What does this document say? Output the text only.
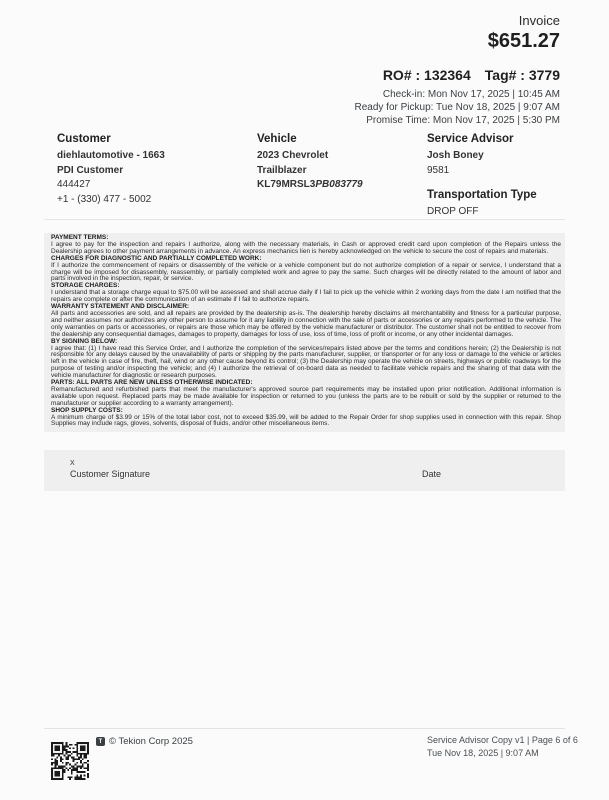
Invoice
$651.27
RO# : 132364 Tag# : 3779
Check-in: Mon Nov 17, 2025 | 10:45 AM
Ready for Pickup: Tue Nov 18, 2025 | 9:07 AM
Promise Time: Mon Nov 17, 2025 | 5:30 PM
Customer
diehlautomotive - 1663
PDI Customer
444427
+1 - (330) 477 - 5002
Vehicle
2023 Chevrolet
Trailblazer
KL79MRSL3PB083779
Service Advisor
Josh Boney
9581
Transportation Type
DROP OFF
PAYMENT TERMS:
I agree to pay for the inspection and repairs I authorize, along with the necessary materials, in Cash or approved credit card upon completion of the Repairs unless the Dealership agrees to other payment arrangements in advance. An express mechanics lien is hereby acknowledged on the vehicle to secure the cost of repairs and materials.
CHARGES FOR DIAGNOSTIC AND PARTIALLY COMPLETED WORK:
If I authorize the commencement of repairs or disassembly of the vehicle or a vehicle component but do not authorize completion of a repair or service, I understand that a charge will be imposed for disassembly, reassembly, or partially completed work and agree to pay the same. Such charges will be directly related to the amount of labor and parts involved in the inspection, repair, or service.
STORAGE CHARGES:
I understand that a storage charge equal to $75.00 will be assessed and shall accrue daily if I fail to pick up the vehicle within 2 working days from the date I am notified that the repairs are complete or after the communication of an estimate if I fail to authorize repairs.
WARRANTY STATEMENT AND DISCLAIMER:
All parts and accessories are sold, and all repairs are provided by the dealership as-is. The dealership hereby disclaims all merchantability and fitness for a particular purpose, and neither assumes nor authorizes any other person to assume for it any liability in connection with the sale of parts or accessories or any repairs performed to the vehicle. The only warranties on parts or accessories, or repairs are those which may be offered by the vehicle manufacturer or distributor. The customer shall not be entitled to recover from the dealership any consequential damages, damages to property, damages for loss of use, loss of time, loss of profit or income, or any other incidental damages.
BY SIGNING BELOW:
I agree that: (1) I have read this Service Order, and I authorize the completion of the services/repairs listed above per the terms and conditions herein; (2) the Dealership is not responsible for any delays caused by the unavailability of parts or shipping by the parts manufacturer, supplier, or transporter or for any loss or damage to the vehicle or articles left in the vehicle in case of fire, theft, hail, wind or any other cause beyond its control; (3) the Dealership may operate the vehicle on streets, highways or public roadways for the purpose of testing and/or inspecting the vehicle; and (4) I authorize the retrieval of on-board data as needed to facilitate vehicle repairs and the sharing of that data with the vehicle manufacturer for diagnostic or research purposes.
PARTS: ALL PARTS ARE NEW UNLESS OTHERWISE INDICATED:
Remanufactured and refurbished parts that meet the manufacturer's approved source part requirements may be installed upon prior notification. Additional information is available upon request. Replaced parts may be made available for inspection or returned to you (unless the parts are to be rebuilt or sold by the supplier or returned to the manufacturer or supplier according to a warranty arrangement).
SHOP SUPPLY COSTS:
A minimum charge of $3.99 or 15% of the total labor cost, not to exceed $35.99, will be added to the Repair Order for shop supplies used in connection with this repair. Shop Supplies may include rags, gloves, solvents, disposal of fluids, and/or other miscellaneous items.
X
Customer Signature	Date
T © Tekion Corp 2025	Service Advisor Copy v1 | Page 6 of 6
Tue Nov 18, 2025 | 9:07 AM
